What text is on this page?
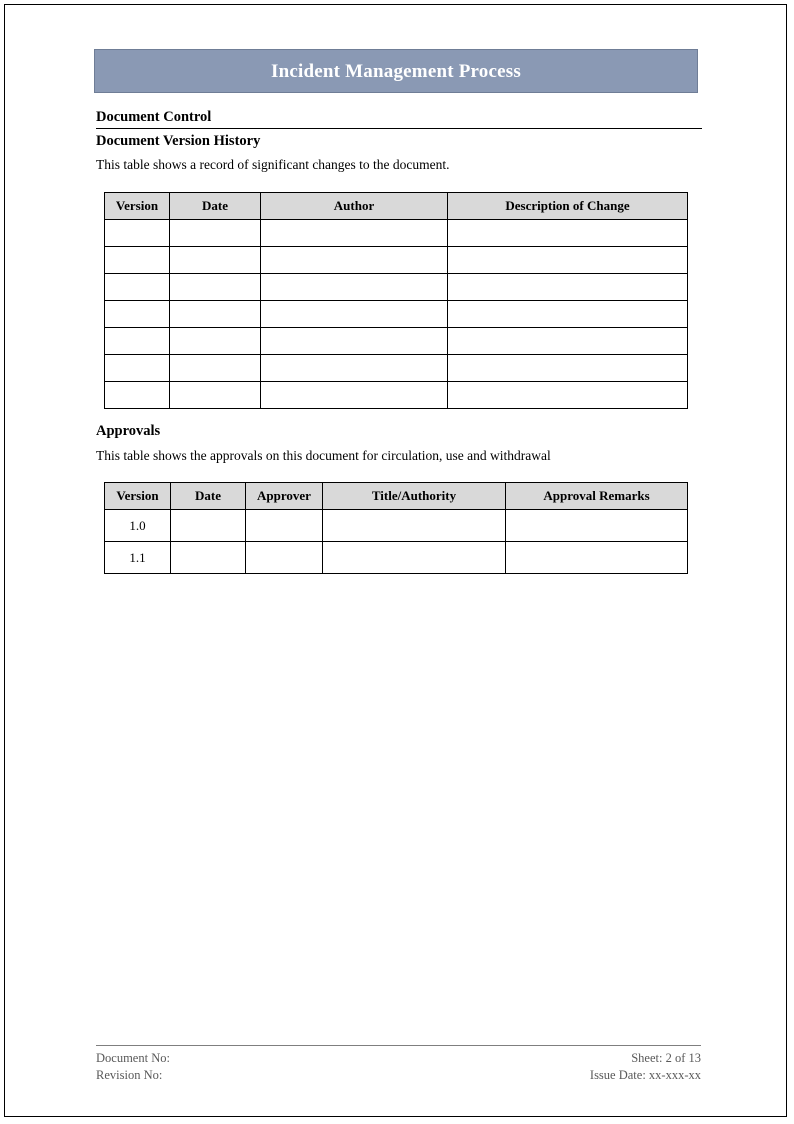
Incident Management Process
Document Control
Document Version History
This table shows a record of significant changes to the document.
Version	Date	Author	Description of Change

Approvals
This table shows the approvals on this document for circulation, use and withdrawal
Version	Date	Approver	Title/Authority	Approval Remarks
1.0				
1.1				
Document No:
Revision No:
Sheet: 2 of 13
Issue Date: xx-xxx-xx
